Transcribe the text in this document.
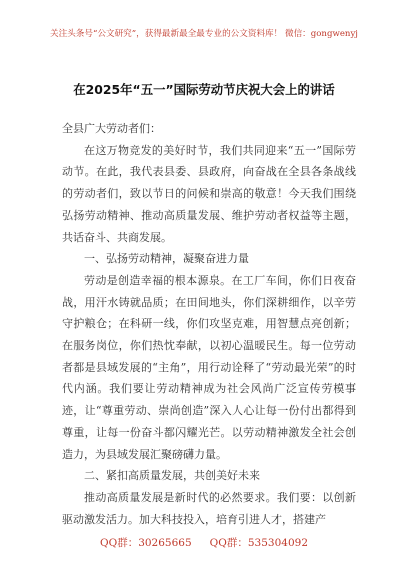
关注头条号“公文研究”，获得最新最全最专业的公文资料库！ 微信：gongwenyj
在2025年“五一”国际劳动节庆祝大会上的讲话

全县广大劳动者们：

在这万物竞发的美好时节，我们共同迎来“五一”国际劳动节。在此，我代表县委、县政府，向奋战在全县各条战线的劳动者们，致以节日的问候和崇高的敬意！今天我们围绕弘扬劳动精神、推动高质量发展、维护劳动者权益等主题，共话奋斗、共商发展。

一、弘扬劳动精神，凝聚奋进力量

劳动是创造幸福的根本源泉。在工厂车间，你们日夜奋战，用汗水铸就品质；在田间地头，你们深耕细作，以辛劳守护粮仓；在科研一线，你们攻坚克难，用智慧点亮创新；在服务岗位，你们热忱奉献，以初心温暖民生。每一位劳动者都是县域发展的“主角”，用行动诠释了“劳动最光荣”的时代内涵。我们要让劳动精神成为社会风尚广泛宣传劳模事迹，让“尊重劳动、崇尚创造”深入人心让每一份付出都得到尊重，让每一份奋斗都闪耀光芒。以劳动精神激发全社会创造力，为县域发展汇聚磅礴力量。

二、紧扣高质量发展，共创美好未来

推动高质量发展是新时代的必然要求。我们要：以创新驱动激发活力。加大科技投入，培育引进人才，搭建产

QQ群：30265665 QQ群：535304092
